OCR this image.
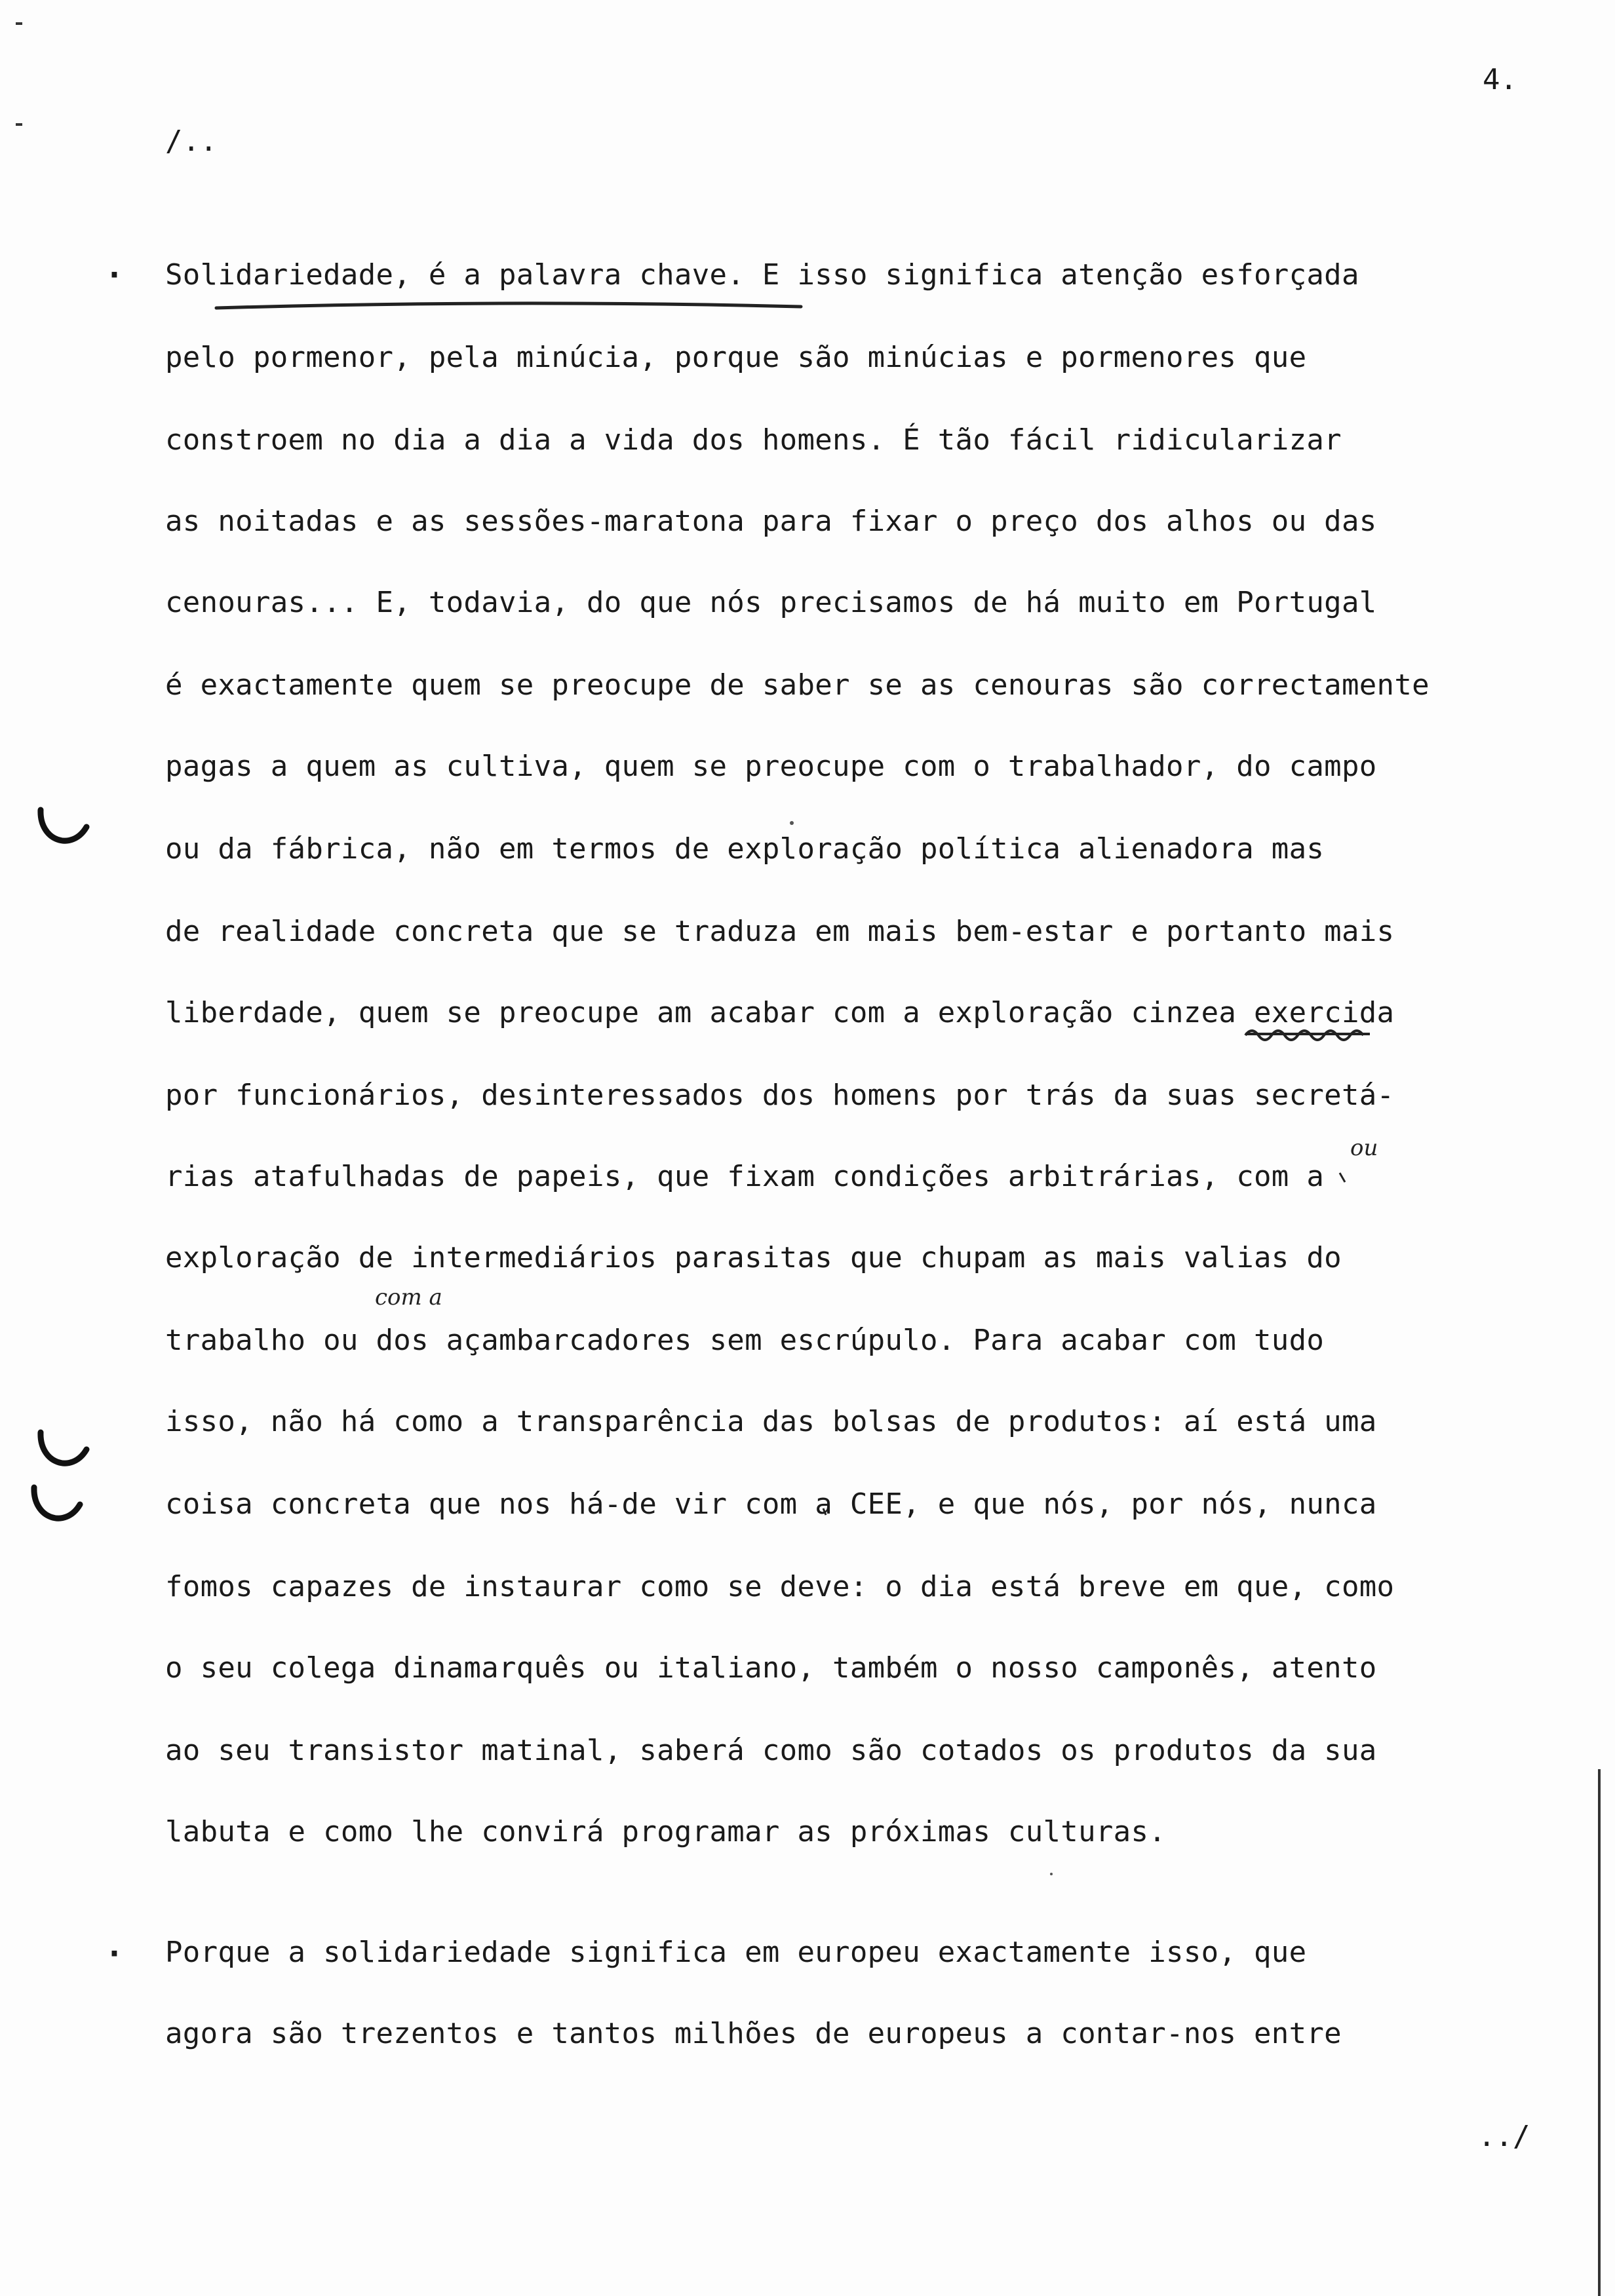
4.
/..
·
·
Solidariedade, é a palavra chave. E isso significa atenção esforçada
pelo pormenor, pela minúcia, porque são minúcias e pormenores que
constroem no dia a dia a vida dos homens. É tão fácil ridicularizar
as noitadas e as sessões-maratona para fixar o preço dos alhos ou das
cenouras... E, todavia, do que nós precisamos de há muito em Portugal
é exactamente quem se preocupe de saber se as cenouras são correctamente
pagas a quem as cultiva, quem se preocupe com o trabalhador, do campo
ou da fábrica, não em termos de exploração política alienadora mas
de realidade concreta que se traduza em mais bem-estar e portanto mais
liberdade, quem se preocupe am acabar com a exploração cinzea exercida
por funcionários, desinteressados dos homens por trás da suas secretá-
rias atafulhadas de papeis, que fixam condições arbitrárias, com a
exploração de intermediários parasitas que chupam as mais valias do
trabalho ou dos açambarcadores sem escrúpulo. Para acabar com tudo
isso, não há como a transparência das bolsas de produtos: aí está uma
coisa concreta que nos há-de vir com a CEE, e que nós, por nós, nunca
fomos capazes de instaurar como se deve: o dia está breve em que, como
o seu colega dinamarquês ou italiano, também o nosso camponês, atento
ao seu transistor matinal, saberá como são cotados os produtos da sua
labuta e como lhe convirá programar as próximas culturas.
Porque a solidariedade significa em europeu exactamente isso, que
agora são trezentos e tantos milhões de europeus a contar-nos entre
../
ou
com a
